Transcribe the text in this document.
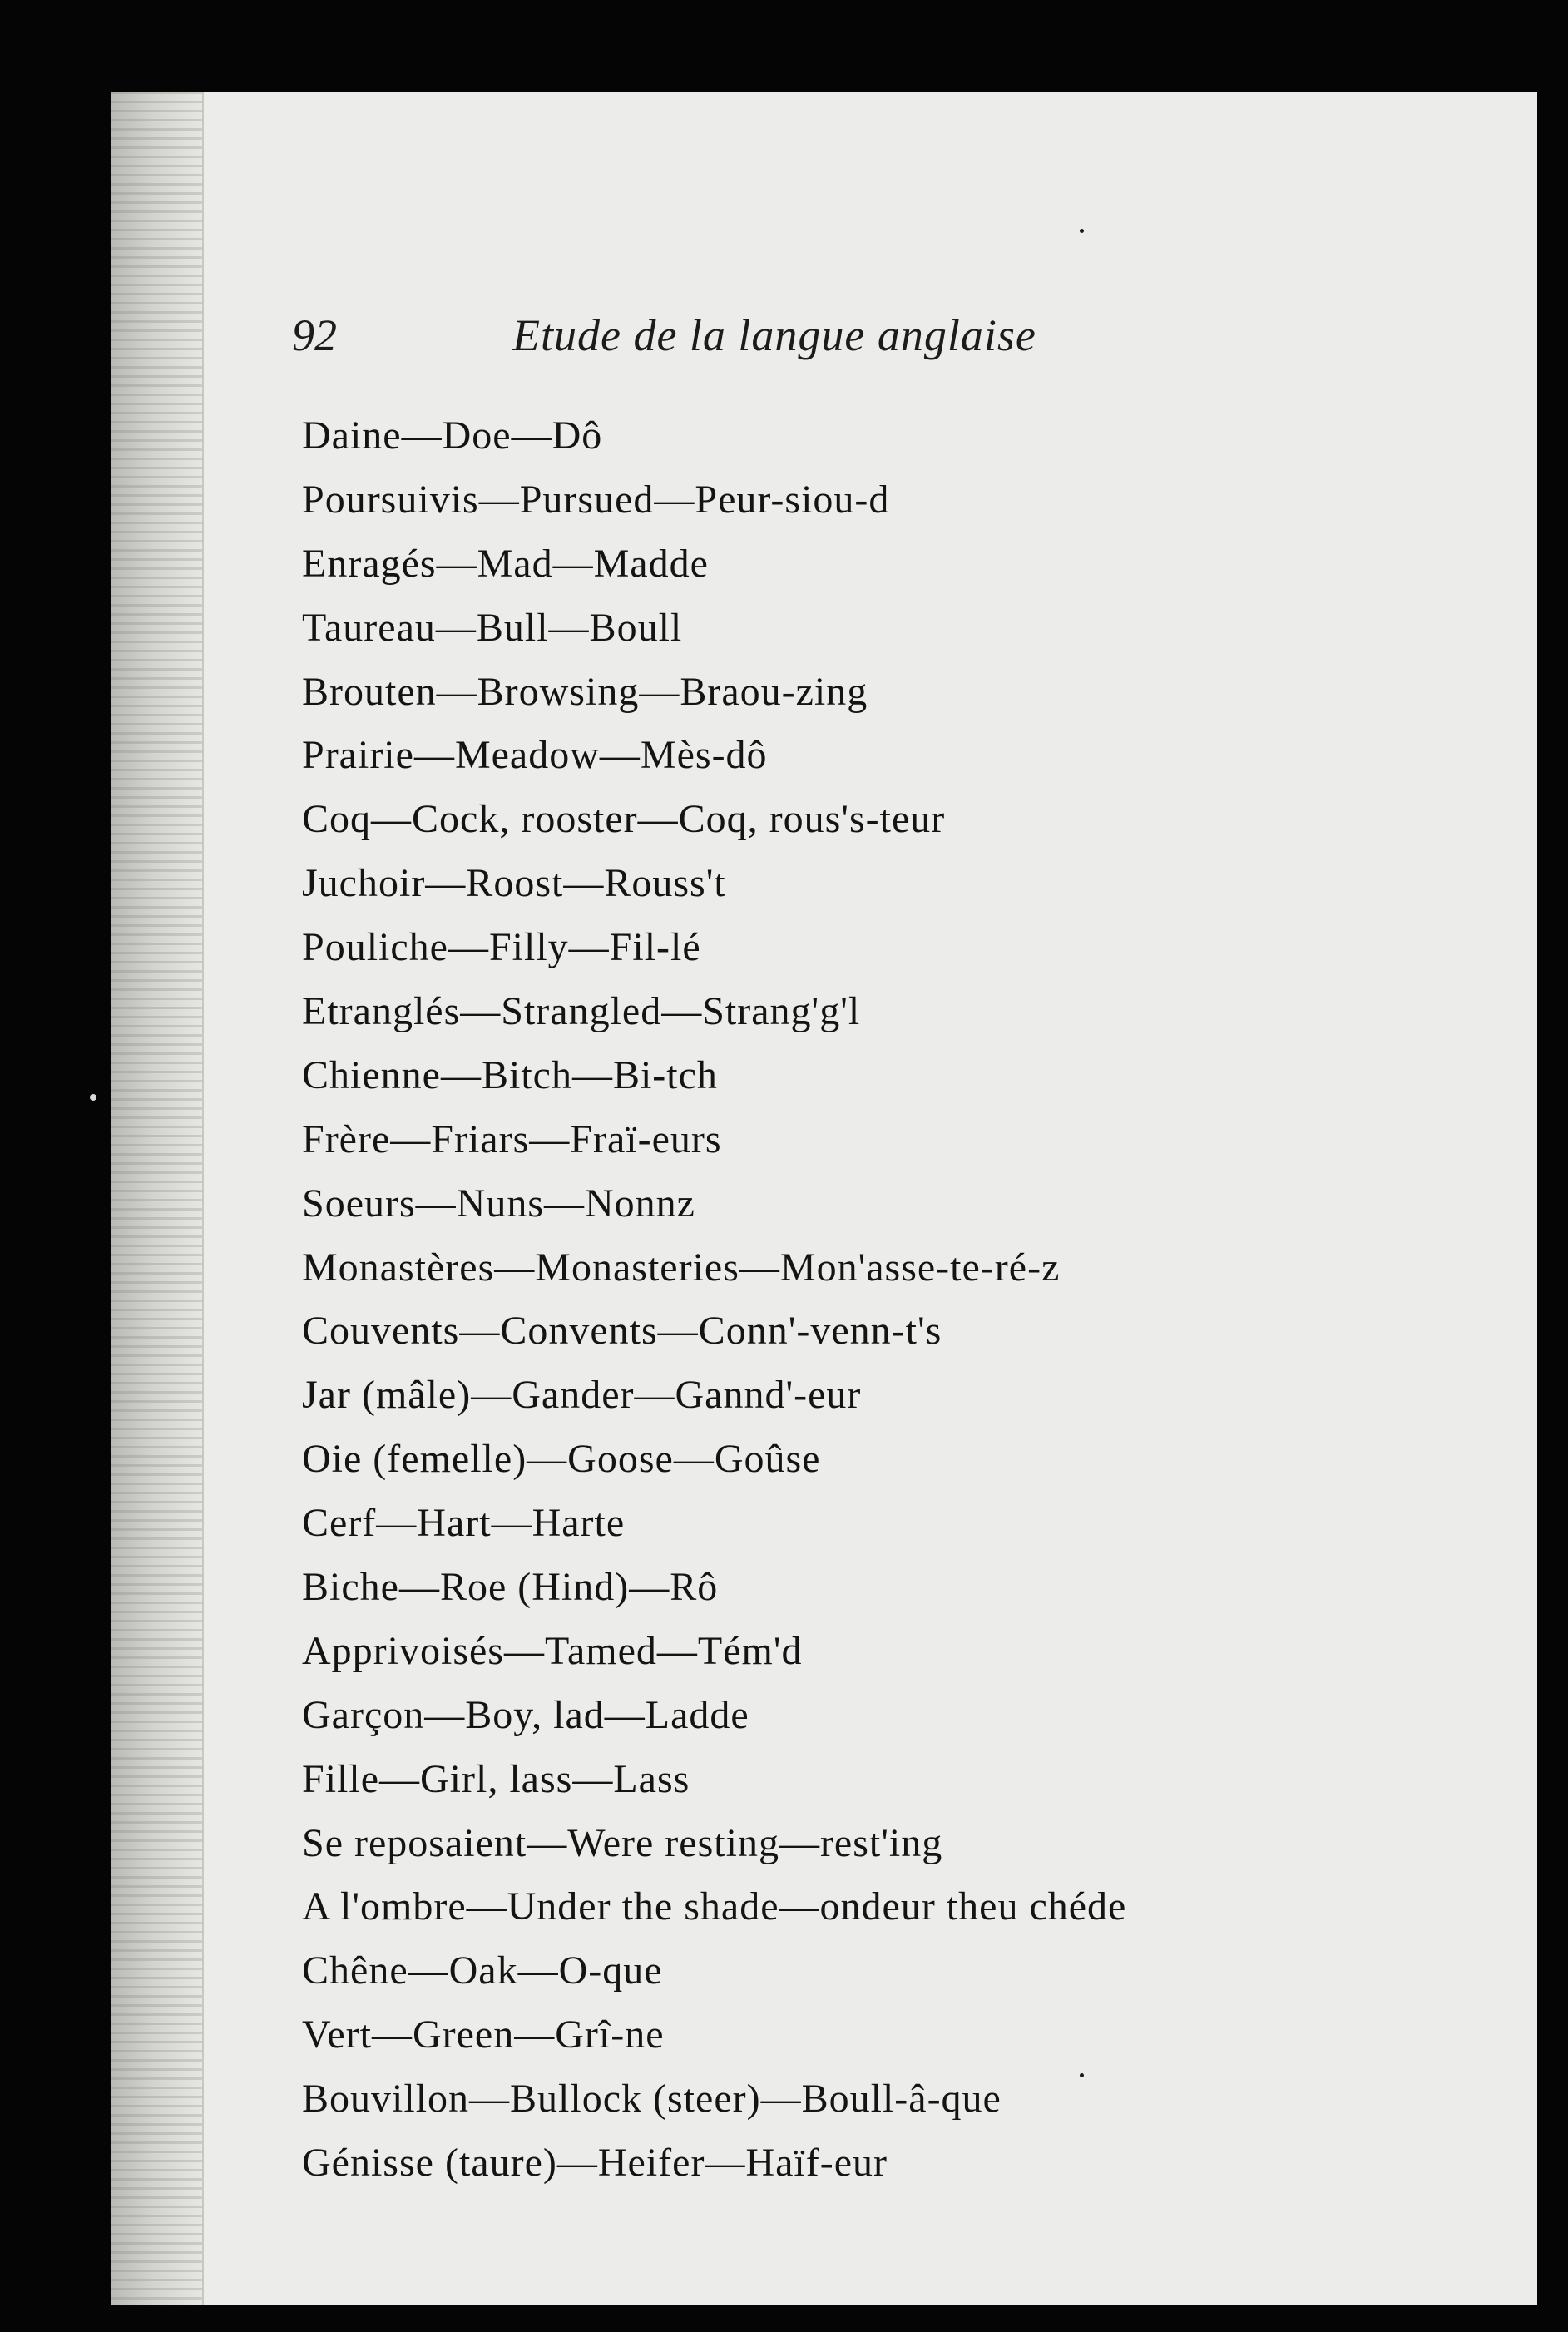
92	Etude de la langue anglaise
Daine—Doe—Dô
Poursuivis—Pursued—Peur-siou-d
Enragés—Mad—Madde
Taureau—Bull—Boull
Brouten—Browsing—Braou-zing
Prairie—Meadow—Mès-dô
Coq—Cock, rooster—Coq, rous's-teur
Juchoir—Roost—Rouss't
Pouliche—Filly—Fil-lé
Etranglés—Strangled—Strang'g'l
Chienne—Bitch—Bi-tch
Frère—Friars—Fraï-eurs
Soeurs—Nuns—Nonnz
Monastères—Monasteries—Mon'asse-te-ré-z
Couvents—Convents—Conn'-venn-t's
Jar (mâle)—Gander—Gannd'-eur
Oie (femelle)—Goose—Goûse
Cerf—Hart—Harte
Biche—Roe (Hind)—Rô
Apprivoisés—Tamed—Tém'd
Garçon—Boy, lad—Ladde
Fille—Girl, lass—Lass
Se reposaient—Were resting—rest'ing
A l'ombre—Under the shade—ondeur theu chéde
Chêne—Oak—O-que
Vert—Green—Grî-ne
Bouvillon—Bullock (steer)—Boull-â-que
Génisse (taure)—Heifer—Haïf-eur
